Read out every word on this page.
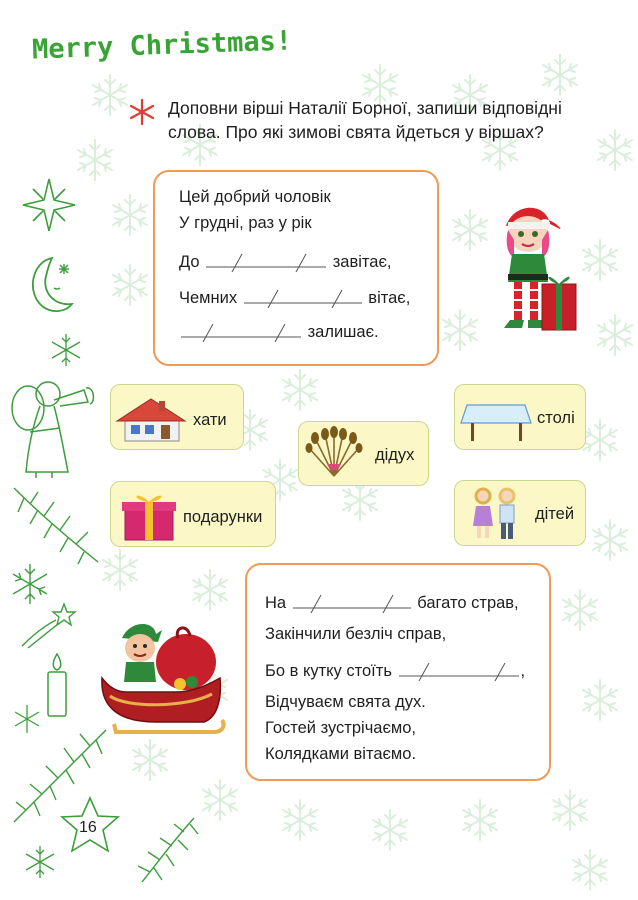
Merry Christmas!
Доповни вірші Наталії Борної, запиши відповідні
слова. Про які зимові свята йдеться у віршах?
Цей добрий чоловік
У грудні, раз у рік
До	завітає,
Чемних	вітає,
залишає.
На	багато страв,
Закінчили безліч справ,
Бо в кутку стоїть	,
Відчуваєм свята дух.
Гостей зустрічаємо,
Колядками вітаємо.
хати
дідух
столі
подарунки	дітей
16
